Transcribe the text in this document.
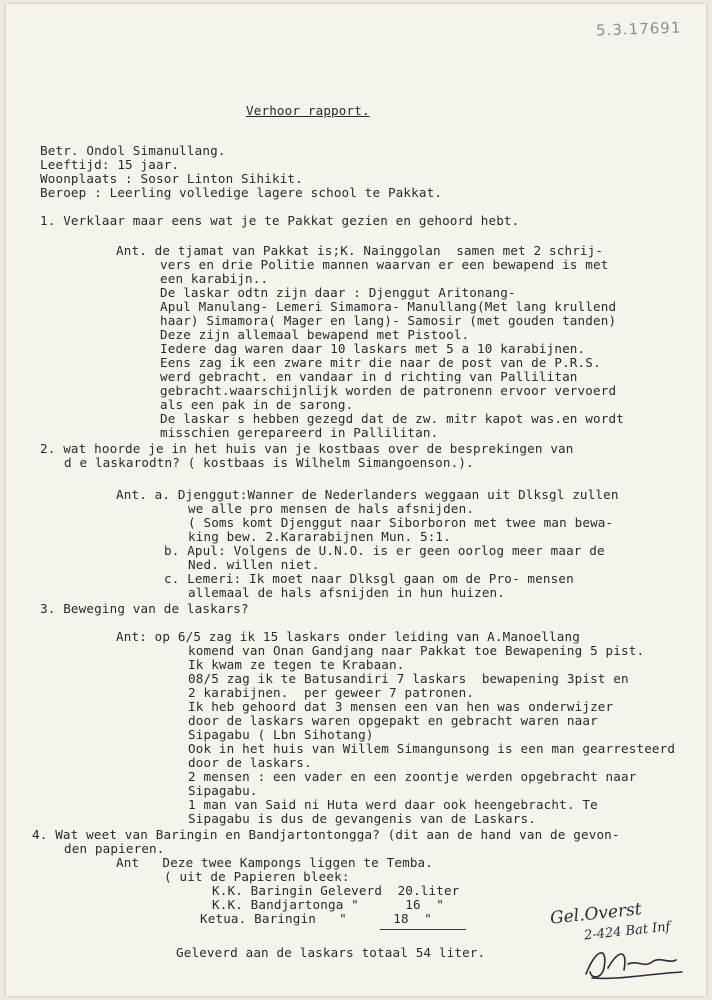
5.3.17691
Verhoor rapport.
Betr. Ondol Simanullang.
Leeftijd: 15 jaar.
Woonplaats : Sosor Linton Sihikit.
Beroep : Leerling volledige lagere school te Pakkat.
1. Verklaar maar eens wat je te Pakkat gezien en gehoord hebt.
Ant. de tjamat van Pakkat is;K. Nainggolan  samen met 2 schrij-
vers en drie Politie mannen waarvan er een bewapend is met
een karabijn..
De laskar odtn zijn daar : Djenggut Aritonang-
Apul Manulang- Lemeri Simamora- Manullang(Met lang krullend
haar) Simamora( Mager en lang)- Samosir (met gouden tanden)
Deze zijn allemaal bewapend met Pistool.
Iedere dag waren daar 10 laskars met 5 a 10 karabijnen.
Eens zag ik een zware mitr die naar de post van de P.R.S.
werd gebracht. en vandaar in d richting van Pallilitan
gebracht.waarschijnlijk worden de patronenn ervoor vervoerd
als een pak in de sarong.
De laskar s hebben gezegd dat de zw. mitr kapot was.en wordt
misschien gerepareerd in Pallilitan.
2. wat hoorde je in het huis van je kostbaas over de besprekingen van
d e laskarodtn? ( kostbaas is Wilhelm Simangoenson.).
Ant. a. Djenggut:Wanner de Nederlanders weggaan uit Dlksgl zullen
we alle pro mensen de hals afsnijden.
( Soms komt Djenggut naar Siborboron met twee man bewa-
king bew. 2.Kararabijnen Mun. 5:1.
b. Apul: Volgens de U.N.O. is er geen oorlog meer maar de
Ned. willen niet.
c. Lemeri: Ik moet naar Dlksgl gaan om de Pro- mensen
allemaal de hals afsnijden in hun huizen.
3. Beweging van de laskars?
Ant: op 6/5 zag ik 15 laskars onder leiding van A.Manoellang
komend van Onan Gandjang naar Pakkat toe Bewapening 5 pist.
Ik kwam ze tegen te Krabaan.
08/5 zag ik te Batusandiri 7 laskars  bewapening 3pist en
2 karabijnen.  per geweer 7 patronen.
Ik heb gehoord dat 3 mensen een van hen was onderwijzer
door de laskars waren opgepakt en gebracht waren naar
Sipagabu ( Lbn Sihotang)
Ook in het huis van Willem Simangunsong is een man gearresteerd
door de laskars.
2 mensen : een vader en een zoontje werden opgebracht naar
Sipagabu.
1 man van Said ni Huta werd daar ook heengebracht. Te
Sipagabu is dus de gevangenis van de Laskars.
4. Wat weet van Baringin en Bandjartontongga? (dit aan de hand van de gevon-
den papieren.
Ant   Deze twee Kampongs liggen te Temba.
( uit de Papieren bleek:
K.K. Baringin Geleverd  20.liter
K.K. Bandjartonga "      16  "
Ketua. Baringin   "      18  "
Geleverd aan de laskars totaal 54 liter.
Gel.Overst
2-424 Bat Inf
